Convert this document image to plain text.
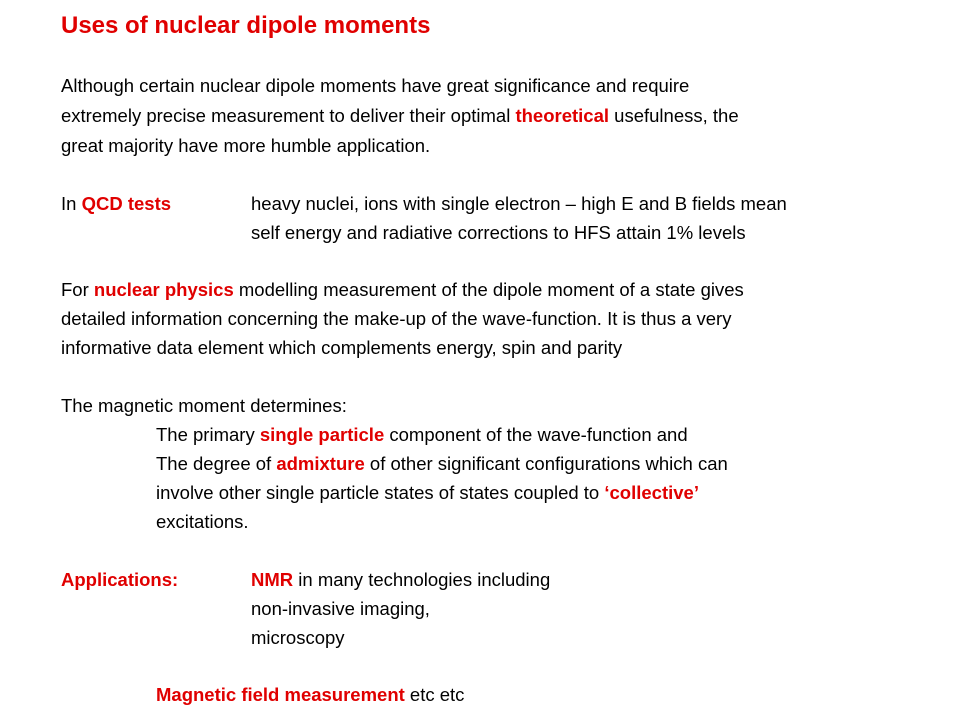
Uses of nuclear dipole moments
Although certain nuclear dipole moments have great significance and require
extremely precise measurement to deliver their optimal theoretical usefulness, the
great majority have more humble application.
In QCD tests	heavy nuclei, ions with single electron – high E and B fields mean
self energy and radiative corrections to HFS attain 1% levels
For nuclear physics modelling measurement of the dipole moment of a state gives
detailed information concerning the make-up of the wave-function. It is thus a very
informative data element which complements energy, spin and parity
The magnetic moment determines:
The primary single particle component of the wave-function and
The degree of admixture of other significant configurations which can
involve other single particle states of states coupled to ‘collective’
excitations.
Applications:	NMR in many technologies including
non-invasive imaging,
microscopy
Magnetic field measurement etc etc
